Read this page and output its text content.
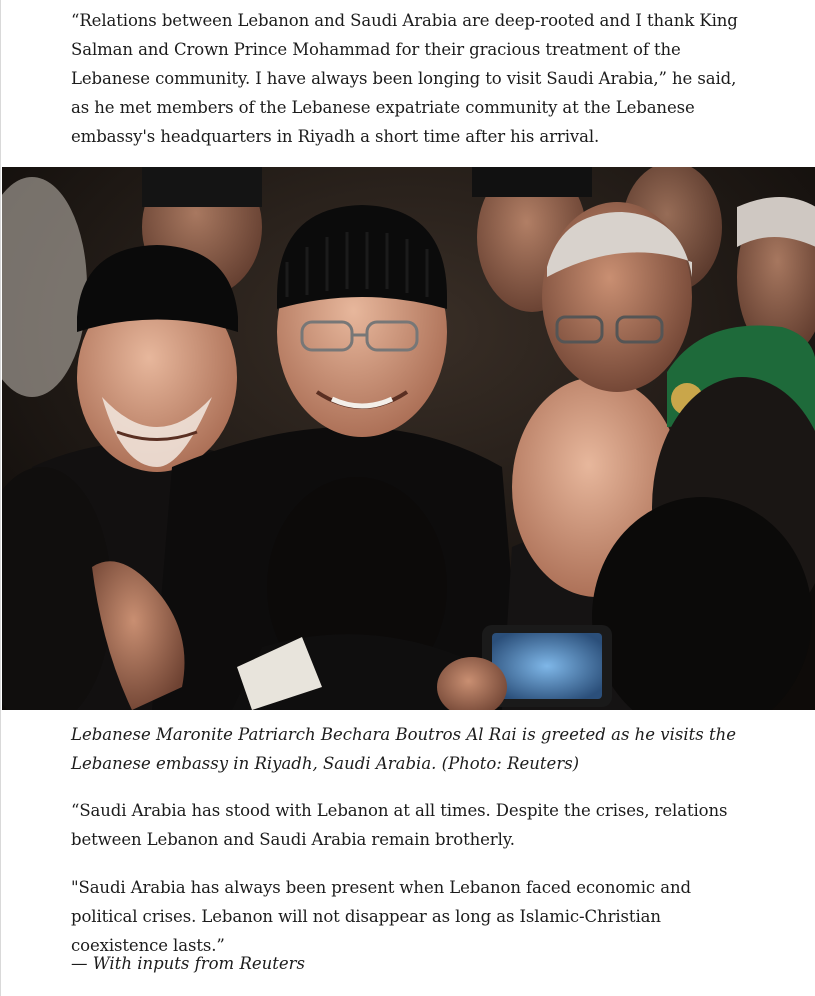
“Relations between Lebanon and Saudi Arabia are deep-rooted and I thank King Salman and Crown Prince Mohammad for their gracious treatment of the Lebanese community. I have always been longing to visit Saudi Arabia,” he said, as he met members of the Lebanese expatriate community at the Lebanese embassy's headquarters in Riyadh a short time after his arrival.

Lebanese Maronite Patriarch Bechara Boutros Al Rai is greeted as he visits the Lebanese embassy in Riyadh, Saudi Arabia. (Photo: Reuters)

“Saudi Arabia has stood with Lebanon at all times. Despite the crises, relations between Lebanon and Saudi Arabia remain brotherly.

"Saudi Arabia has always been present when Lebanon faced economic and political crises. Lebanon will not disappear as long as Islamic-Christian coexistence lasts.”

— With inputs from Reuters
